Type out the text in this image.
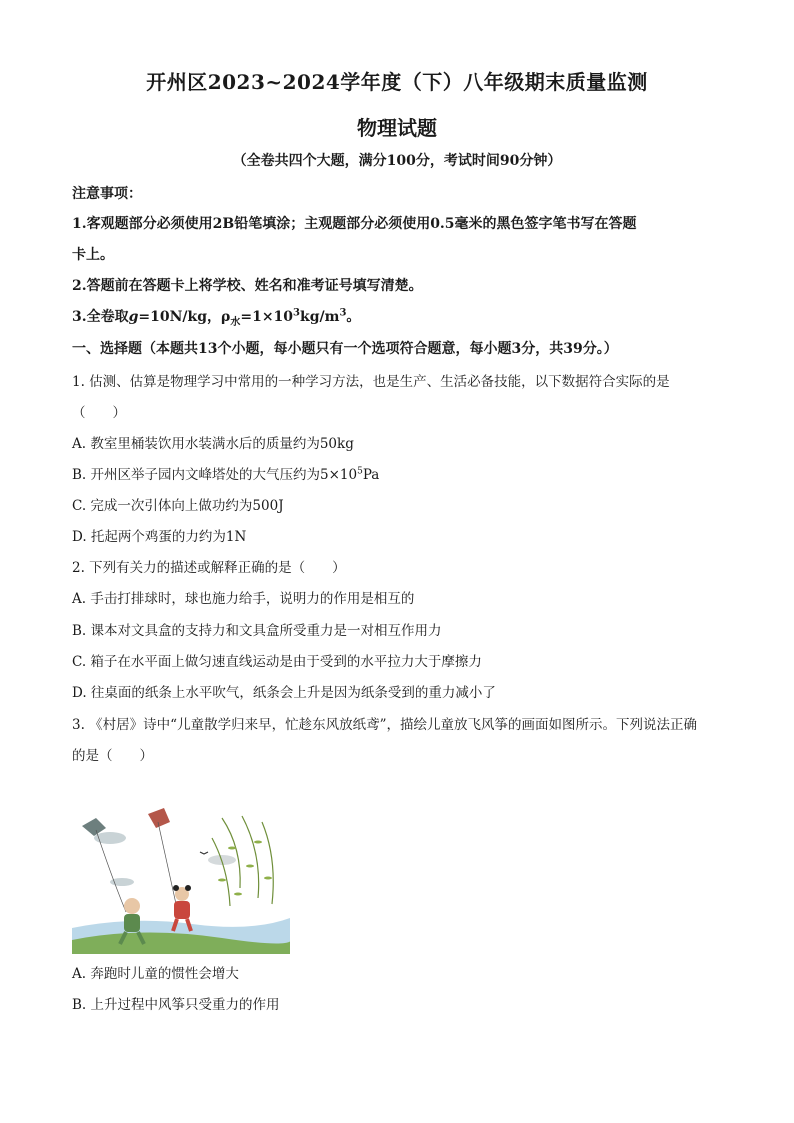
开州区2023~2024学年度（下）八年级期末质量监测
物理试题
（全卷共四个大题，满分100分，考试时间90分钟）
注意事项：
1.客观题部分必须使用2B铅笔填涂；主观题部分必须使用0.5毫米的黑色签字笔书写在答题
卡上。
2.答题前在答题卡上将学校、姓名和准考证号填写清楚。
3.全卷取g=10N/kg，$\rho_水=1\times 10^3kg/m^3$。
一、选择题（本题共13个小题，每小题只有一个选项符合题意，每小题3分，共39分。）
1. 估测、估算是物理学习中常用的一种学习方法，也是生产、生活必备技能，以下数据符合实际的是
（　　）
A. 教室里桶装饮用水装满水后的质量约为50kg
B. 开州区举子园内文峰塔处的大气压约为$5\times 10^5Pa$
C. 完成一次引体向上做功约为500J
D. 托起两个鸡蛋的力约为1N
2. 下列有关力的描述或解释正确的是（　　）
A. 手击打排球时，球也施力给手，说明力的作用是相互的
B. 课本对文具盒的支持力和文具盒所受重力是一对相互作用力
C. 箱子在水平面上做匀速直线运动是由于受到的水平拉力大于摩擦力
D. 往桌面的纸条上水平吹气，纸条会上升是因为纸条受到的重力减小了
3. 《村居》诗中“儿童散学归来早，忙趁东风放纸鸢”，描绘儿童放飞风筝的画面如图所示。下列说法正确
的是（　　）
A. 奔跑时儿童的惯性会增大
B. 上升过程中风筝只受重力的作用
